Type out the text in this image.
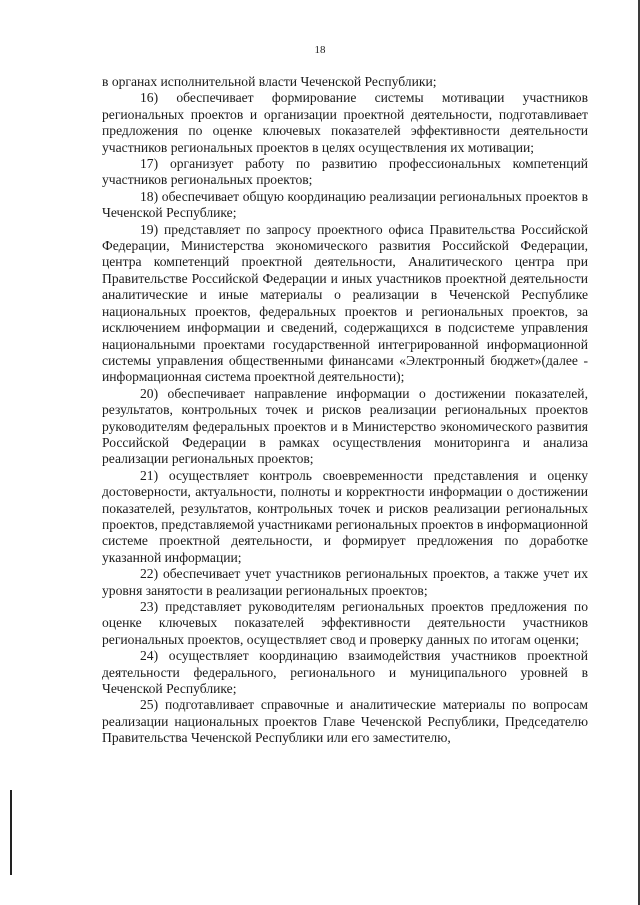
18

в органах исполнительной власти Чеченской Республики;

16) обеспечивает формирование системы мотивации участников региональных проектов и организации проектной деятельности, подготавливает предложения по оценке ключевых показателей эффективности деятельности участников региональных проектов в целях осуществления их мотивации;

17) организует работу по развитию профессиональных компетенций участников региональных проектов;

18) обеспечивает общую координацию реализации региональных проектов в Чеченской Республике;

19) представляет по запросу проектного офиса Правительства Российской Федерации, Министерства экономического развития Российской Федерации, центра компетенций проектной деятельности, Аналитического центра при Правительстве Российской Федерации и иных участников проектной деятельности аналитические и иные материалы о реализации в Чеченской Республике национальных проектов, федеральных проектов и региональных проектов, за исключением информации и сведений, содержащихся в подсистеме управления национальными проектами государственной интегрированной информационной системы управления общественными финансами «Электронный бюджет»(далее - информационная система проектной деятельности);

20) обеспечивает направление информации о достижении показателей, результатов, контрольных точек и рисков реализации региональных проектов руководителям федеральных проектов и в Министерство экономического развития Российской Федерации в рамках осуществления мониторинга и анализа реализации региональных проектов;

21) осуществляет контроль своевременности представления и оценку достоверности, актуальности, полноты и корректности информации о достижении показателей, результатов, контрольных точек и рисков реализации региональных проектов, представляемой участниками региональных проектов в информационной системе проектной деятельности, и формирует предложения по доработке указанной информации;

22) обеспечивает учет участников региональных проектов, а также учет их уровня занятости в реализации региональных проектов;

23) представляет руководителям региональных проектов предложения по оценке ключевых показателей эффективности деятельности участников региональных проектов, осуществляет свод и проверку данных по итогам оценки;

24) осуществляет координацию взаимодействия участников проектной деятельности федерального, регионального и муниципального уровней в Чеченской Республике;

25) подготавливает справочные и аналитические материалы по вопросам реализации национальных проектов Главе Чеченской Республики, Председателю Правительства Чеченской Республики или его заместителю,
